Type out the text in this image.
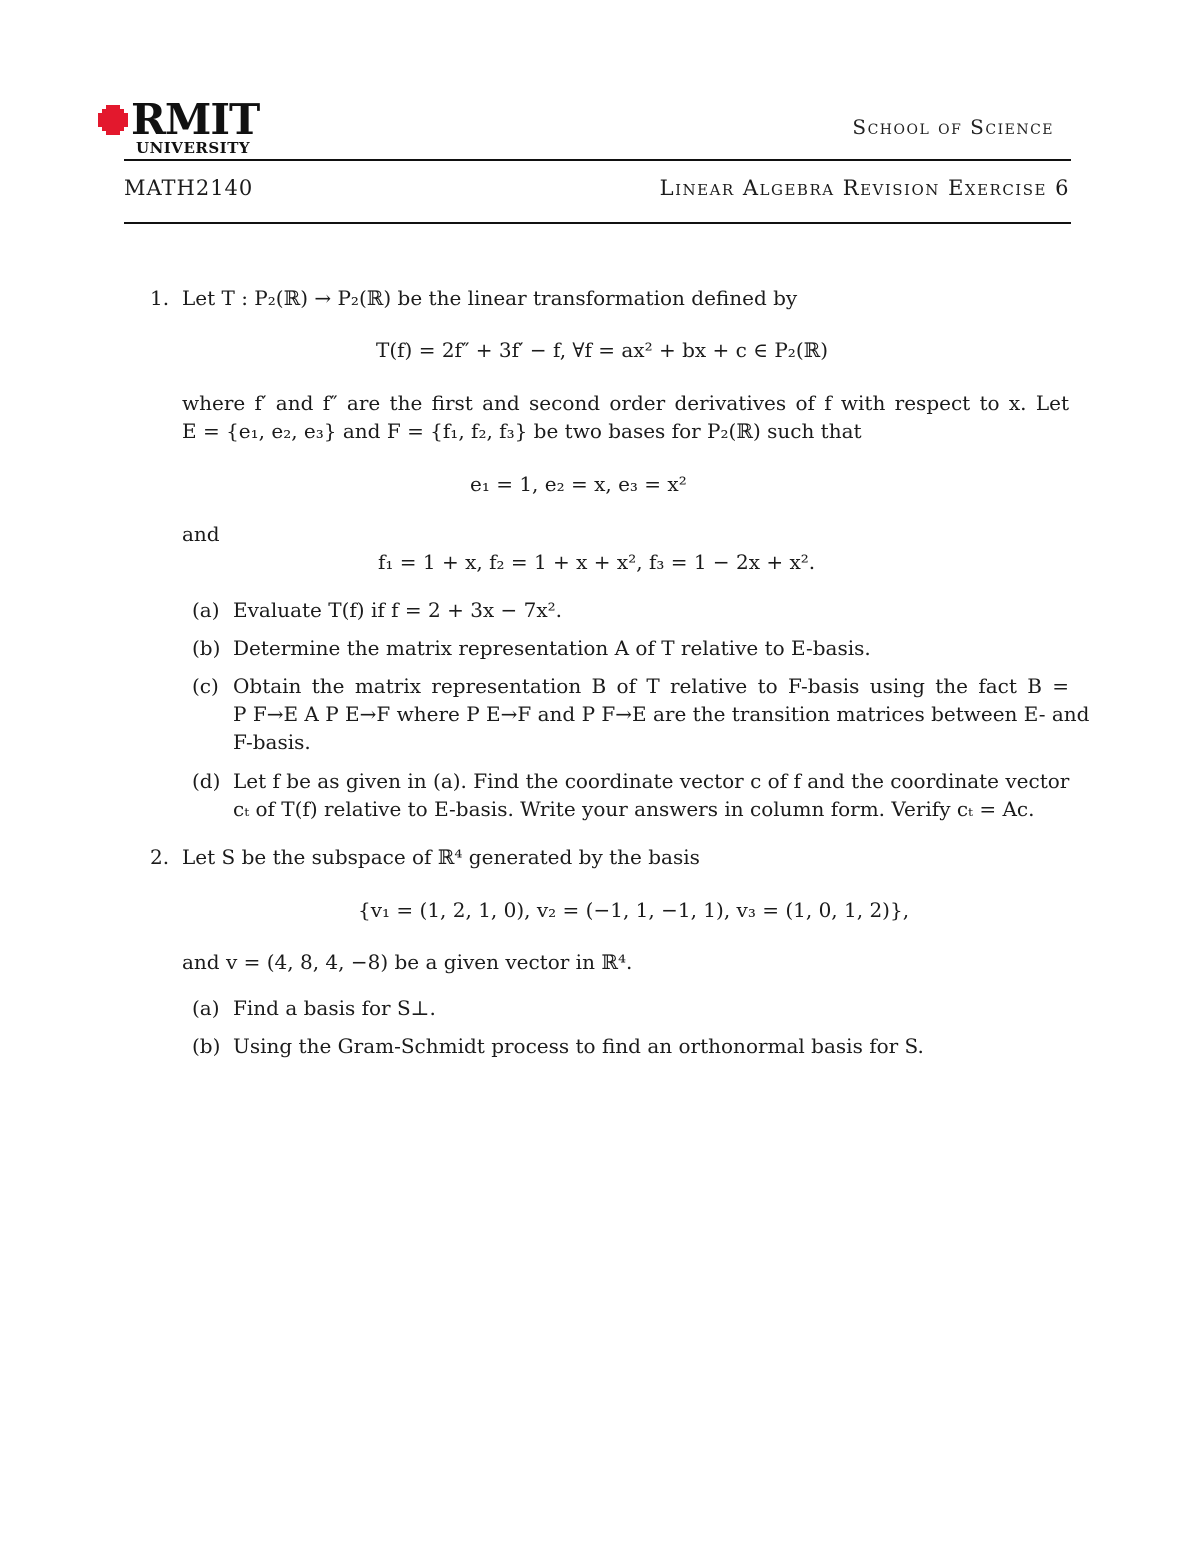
RMIT
UNIVERSITY
School of Science
MATH2140	Linear Algebra Revision Exercise 6
1. Let T : P₂(ℝ) → P₂(ℝ) be the linear transformation defined by
T(f) = 2f″ + 3f′ − f, ∀f = ax² + bx + c ∈ P₂(ℝ)
where f′ and f″ are the first and second order derivatives of f with respect to x. Let
E = {e₁, e₂, e₃} and F = {f₁, f₂, f₃} be two bases for P₂(ℝ) such that
e₁ = 1, e₂ = x, e₃ = x²
and
f₁ = 1 + x, f₂ = 1 + x + x², f₃ = 1 − 2x + x².
(a) Evaluate T(f) if f = 2 + 3x − 7x².
(b) Determine the matrix representation A of T relative to E-basis.
(c) Obtain the matrix representation B of T relative to F-basis using the fact B =
P F→E A P E→F where P E→F and P F→E are the transition matrices between E- and
F-basis.
(d) Let f be as given in (a). Find the coordinate vector c of f and the coordinate vector
cₜ of T(f) relative to E-basis. Write your answers in column form. Verify cₜ = Ac.
2. Let S be the subspace of ℝ⁴ generated by the basis
{v₁ = (1, 2, 1, 0), v₂ = (−1, 1, −1, 1), v₃ = (1, 0, 1, 2)},
and v = (4, 8, 4, −8) be a given vector in ℝ⁴.
(a) Find a basis for S⊥.
(b) Using the Gram-Schmidt process to find an orthonormal basis for S.
